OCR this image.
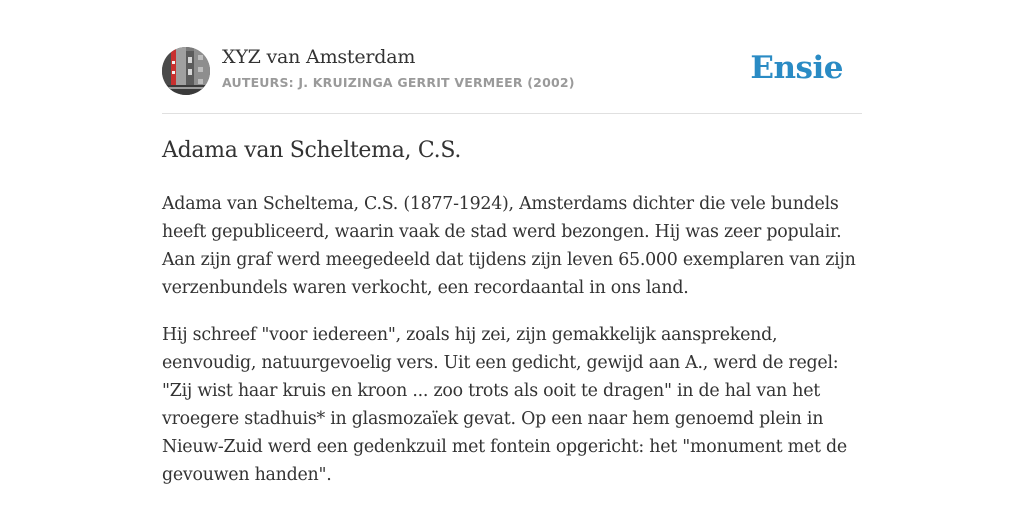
XYZ van Amsterdam
AUTEURS: J. KRUIZINGA GERRIT VERMEER (2002)	Ensie
Adama van Scheltema, C.S.

Adama van Scheltema, C.S. (1877-1924), Amsterdams dichter die vele bundels heeft gepubliceerd, waarin vaak de stad werd bezongen. Hij was zeer populair. Aan zijn graf werd meegedeeld dat tijdens zijn leven 65.000 exemplaren van zijn verzenbundels waren verkocht, een recordaantal in ons land.

Hij schreef "voor iedereen", zoals hij zei, zijn gemakkelijk aansprekend, eenvoudig, natuurgevoelig vers. Uit een gedicht, gewijd aan A., werd de regel: "Zij wist haar kruis en kroon ... zoo trots als ooit te dragen" in de hal van het vroegere stadhuis* in glasmozaïek gevat. Op een naar hem genoemd plein in Nieuw-Zuid werd een gedenkzuil met fontein opgericht: het "monument met de gevouwen handen".
